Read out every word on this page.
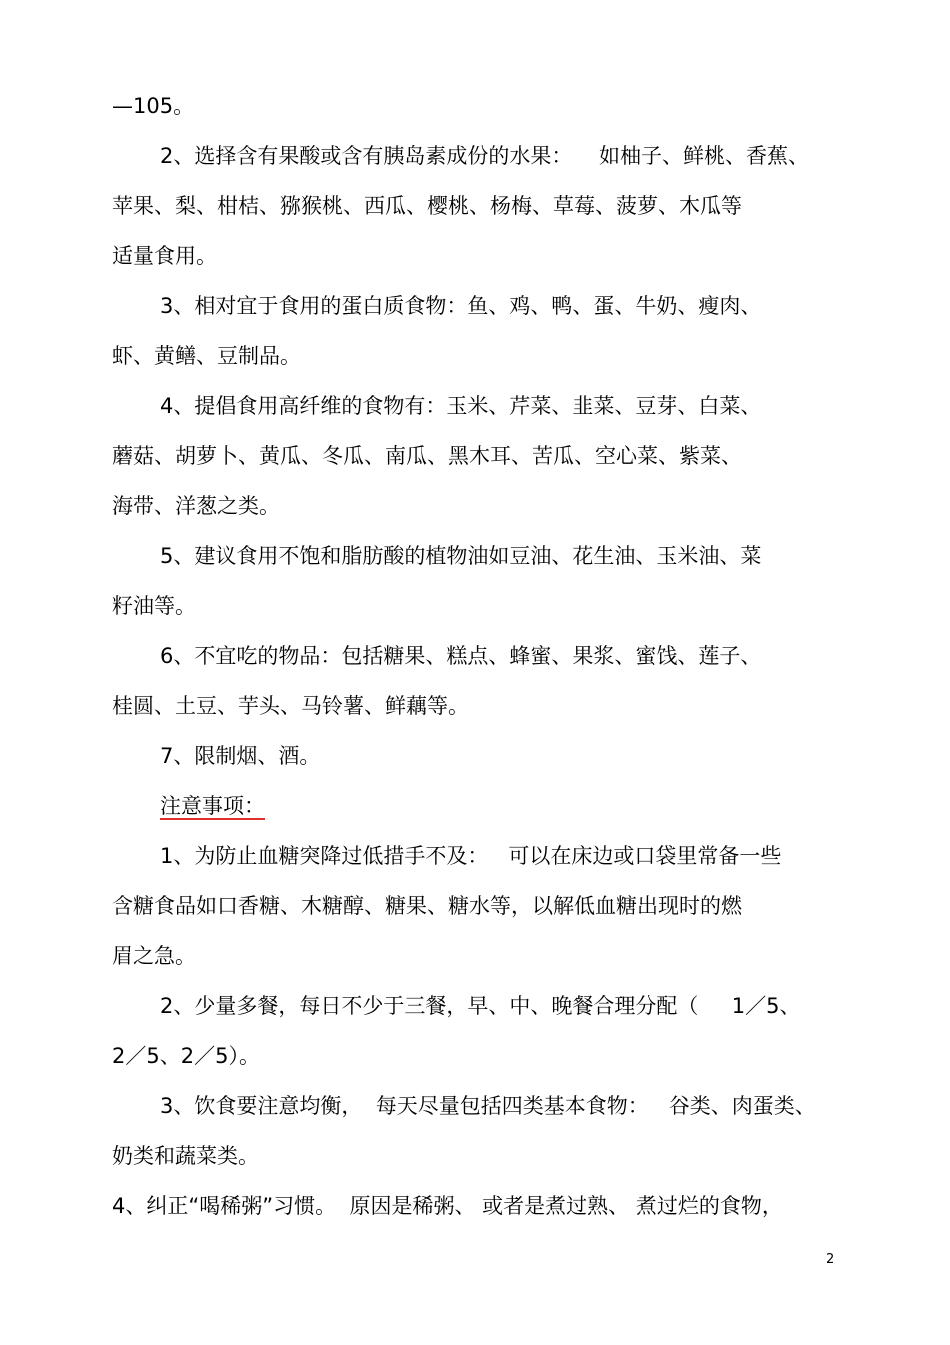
—105。
2、选择含有果酸或含有胰岛素成份的水果：    如柚子、鲜桃、香蕉、
苹果、梨、柑桔、猕猴桃、西瓜、樱桃、杨梅、草莓、菠萝、木瓜等
适量食用。
3、相对宜于食用的蛋白质食物：鱼、鸡、鸭、蛋、牛奶、瘦肉、
虾、黄鳝、豆制品。
4、提倡食用高纤维的食物有：玉米、芹菜、韭菜、豆芽、白菜、
蘑菇、胡萝卜、黄瓜、冬瓜、南瓜、黑木耳、苦瓜、空心菜、紫菜、
海带、洋葱之类。
5、建议食用不饱和脂肪酸的植物油如豆油、花生油、玉米油、菜
籽油等。
6、不宜吃的物品：包括糖果、糕点、蜂蜜、果浆、蜜饯、莲子、
桂圆、土豆、芋头、马铃薯、鲜藕等。
7、限制烟、酒。
注意事项：
1、为防止血糖突降过低措手不及：   可以在床边或口袋里常备一些
含糖食品如口香糖、木糖醇、糖果、糖水等，以解低血糖出现时的燃
眉之急。
2、少量多餐，每日不少于三餐，早、中、晚餐合理分配（     1／5、
2／5、2／5）。
3、饮食要注意均衡，  每天尽量包括四类基本食物：   谷类、肉蛋类、
奶类和蔬菜类。
4、纠正“喝稀粥”习惯。  原因是稀粥、 或者是煮过熟、 煮过烂的食物，
2
